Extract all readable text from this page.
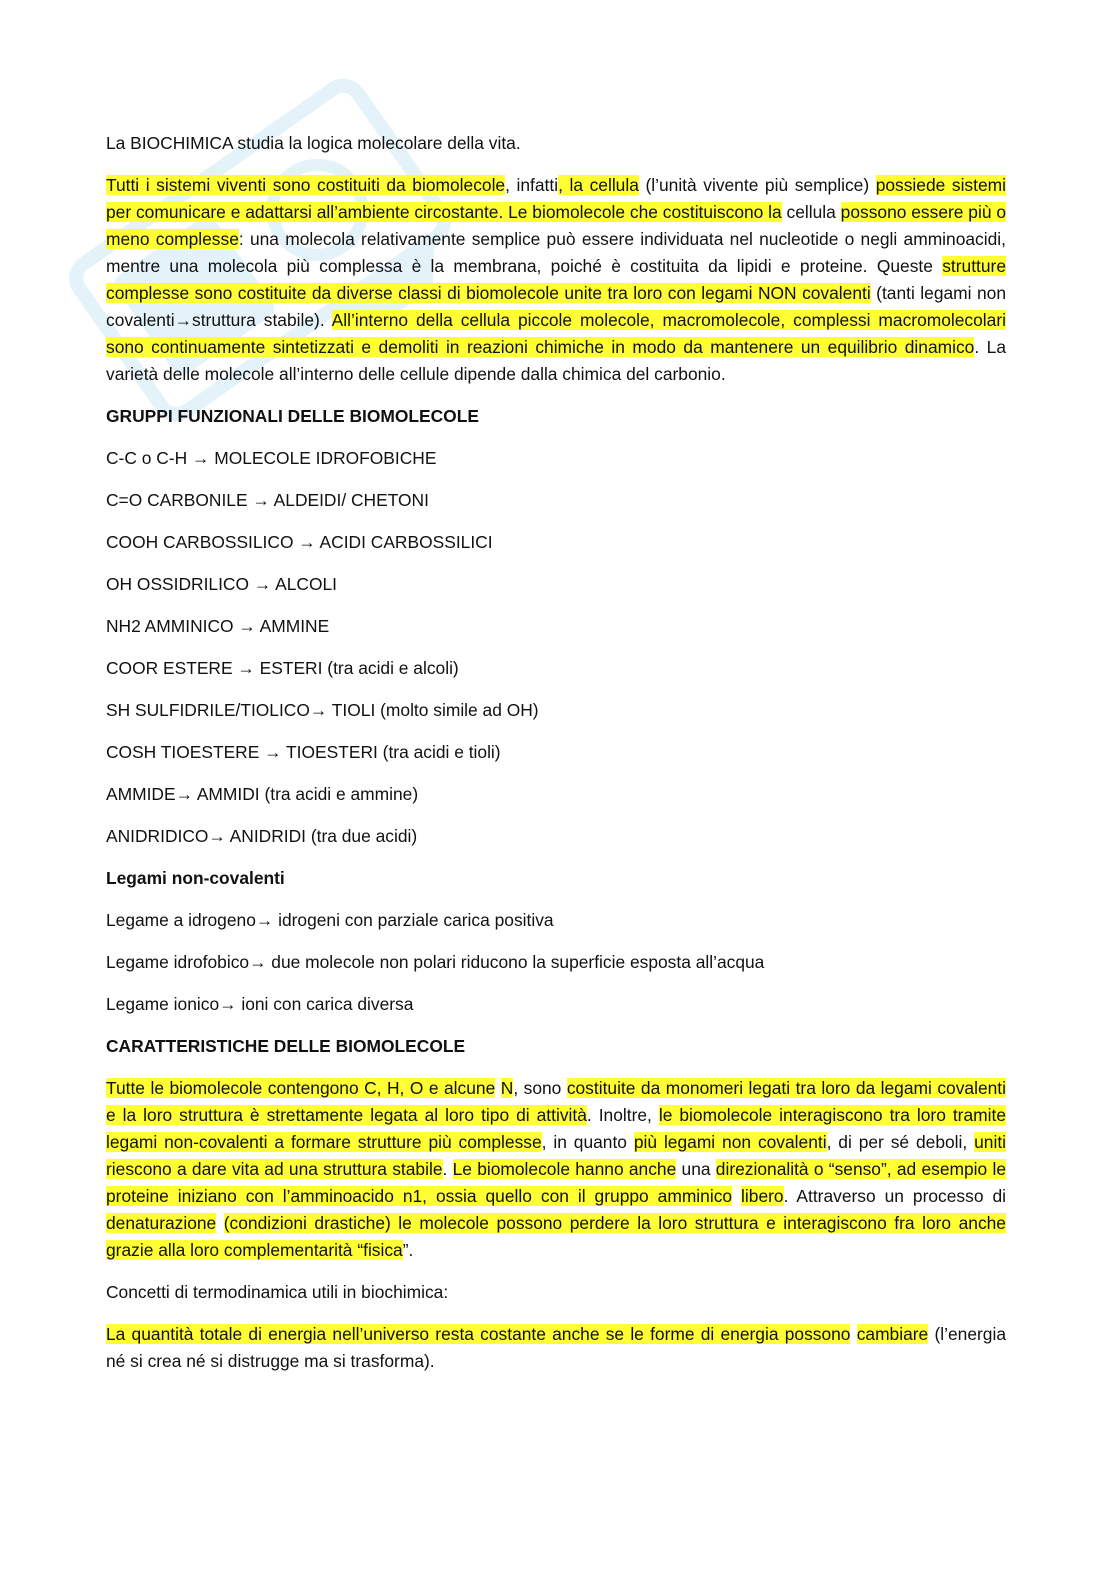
La BIOCHIMICA studia la logica molecolare della vita.

Tutti i sistemi viventi sono costituiti da biomolecole, infatti, la cellula (l’unità vivente più semplice) possiede sistemi per comunicare e adattarsi all’ambiente circostante. Le biomolecole che costituiscono la cellula possono essere più o meno complesse: una molecola relativamente semplice può essere individuata nel nucleotide o negli amminoacidi, mentre una molecola più complessa è la membrana, poiché è costituita da lipidi e proteine. Queste strutture complesse sono costituite da diverse classi di biomolecole unite tra loro con legami NON covalenti (tanti legami non covalenti→struttura stabile). All’interno della cellula piccole molecole, macromolecole, complessi macromolecolari sono continuamente sintetizzati e demoliti in reazioni chimiche in modo da mantenere un equilibrio dinamico. La varietà delle molecole all’interno delle cellule dipende dalla chimica del carbonio.

GRUPPI FUNZIONALI DELLE BIOMOLECOLE

C-C o C-H → MOLECOLE IDROFOBICHE
C=O CARBONILE → ALDEIDI/ CHETONI
COOH CARBOSSILICO → ACIDI CARBOSSILICI
OH OSSIDRILICO → ALCOLI
NH2 AMMINICO → AMMINE
COOR ESTERE → ESTERI (tra acidi e alcoli)
SH SULFIDRILE/TIOLICO→ TIOLI (molto simile ad OH)
COSH TIOESTERE → TIOESTERI (tra acidi e tioli)
AMMIDE→ AMMIDI (tra acidi e ammine)
ANIDRIDICO→ ANIDRIDI (tra due acidi)

Legami non-covalenti

Legame a idrogeno→ idrogeni con parziale carica positiva
Legame idrofobico→ due molecole non polari riducono la superficie esposta all’acqua
Legame ionico→ ioni con carica diversa

CARATTERISTICHE DELLE BIOMOLECOLE

Tutte le biomolecole contengono C, H, O e alcune N, sono costituite da monomeri legati tra loro da legami covalenti e la loro struttura è strettamente legata al loro tipo di attività. Inoltre, le biomolecole interagiscono tra loro tramite legami non-covalenti a formare strutture più complesse, in quanto più legami non covalenti, di per sé deboli, uniti riescono a dare vita ad una struttura stabile. Le biomolecole hanno anche una direzionalità o “senso”, ad esempio le proteine iniziano con l’amminoacido n1, ossia quello con il gruppo amminico libero. Attraverso un processo di denaturazione (condizioni drastiche) le molecole possono perdere la loro struttura e interagiscono fra loro anche grazie alla loro complementarità “fisica”.

Concetti di termodinamica utili in biochimica:

La quantità totale di energia nell’universo resta costante anche se le forme di energia possono cambiare (l’energia né si crea né si distrugge ma si trasforma).
